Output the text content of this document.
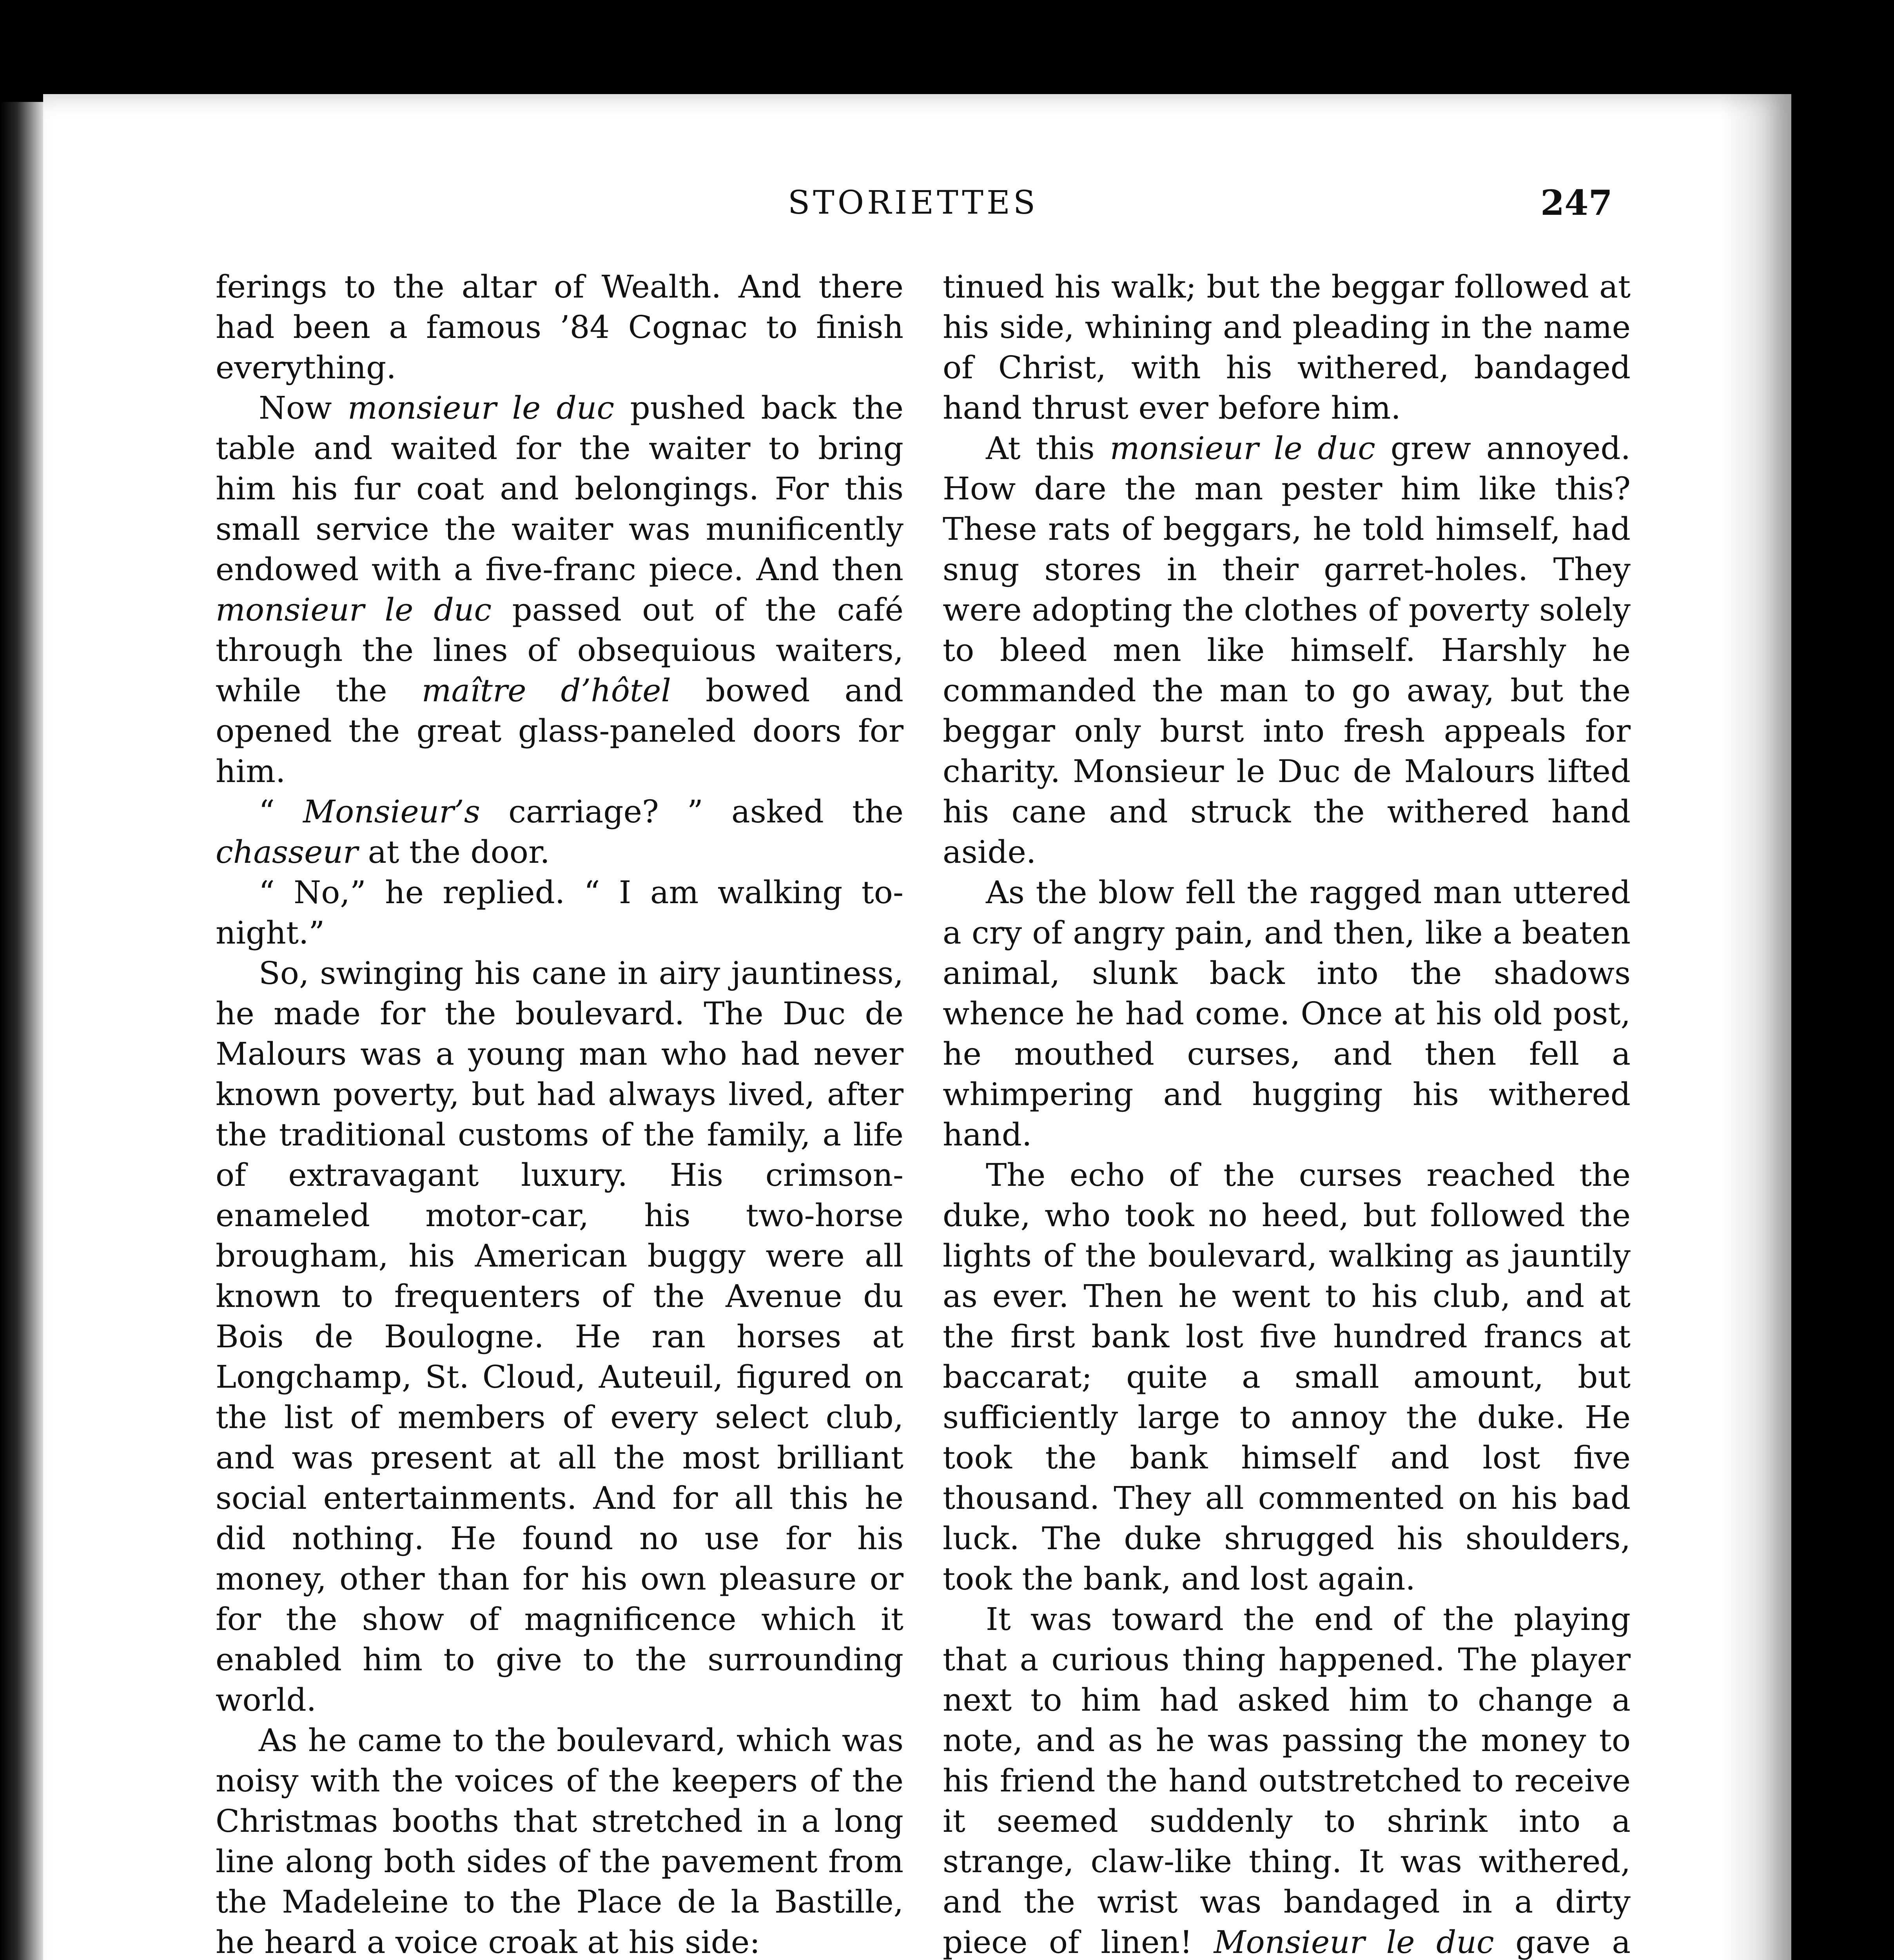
STORIETTES	247

ferings to the altar of Wealth. And there had been a famous ’84 Cognac to finish everything.

Now monsieur le duc pushed back the table and waited for the waiter to bring him his fur coat and belongings. For this small service the waiter was munificently endowed with a five-franc piece. And then monsieur le duc passed out of the café through the lines of obsequious waiters, while the maître d’hôtel bowed and opened the great glass-paneled doors for him.

“ Monsieur’s carriage? ” asked the chasseur at the door.

“ No,” he replied. “ I am walking to-night.”

So, swinging his cane in airy jauntiness, he made for the boulevard. The Duc de Malours was a young man who had never known poverty, but had always lived, after the traditional customs of the family, a life of extravagant luxury. His crimson-enameled motor-car, his two-horse brougham, his American buggy were all known to frequenters of the Avenue du Bois de Boulogne. He ran horses at Longchamp, St. Cloud, Auteuil, figured on the list of members of every select club, and was present at all the most brilliant social entertainments. And for all this he did nothing. He found no use for his money, other than for his own pleasure or for the show of magnificence which it enabled him to give to the surrounding world.

As he came to the boulevard, which was noisy with the voices of the keepers of the Christmas booths that stretched in a long line along both sides of the pavement from the Madeleine to the Place de la Bastille, he heard a voice croak at his side:

tinued his walk; but the beggar followed at his side, whining and pleading in the name of Christ, with his withered, bandaged hand thrust ever before him.

At this monsieur le duc grew annoyed. How dare the man pester him like this? These rats of beggars, he told himself, had snug stores in their garret-holes. They were adopting the clothes of poverty solely to bleed men like himself. Harshly he commanded the man to go away, but the beggar only burst into fresh appeals for charity. Monsieur le Duc de Malours lifted his cane and struck the withered hand aside.

As the blow fell the ragged man uttered a cry of angry pain, and then, like a beaten animal, slunk back into the shadows whence he had come. Once at his old post, he mouthed curses, and then fell a whimpering and hugging his withered hand.

The echo of the curses reached the duke, who took no heed, but followed the lights of the boulevard, walking as jauntily as ever. Then he went to his club, and at the first bank lost five hundred francs at baccarat; quite a small amount, but sufficiently large to annoy the duke. He took the bank himself and lost five thousand. They all commented on his bad luck. The duke shrugged his shoulders, took the bank, and lost again.

It was toward the end of the playing that a curious thing happened. The player next to him had asked him to change a note, and as he was passing the money to his friend the hand outstretched to receive it seemed suddenly to shrink into a strange, claw-like thing. It was withered, and the wrist was bandaged in a dirty piece of linen! Monsieur le duc gave a
